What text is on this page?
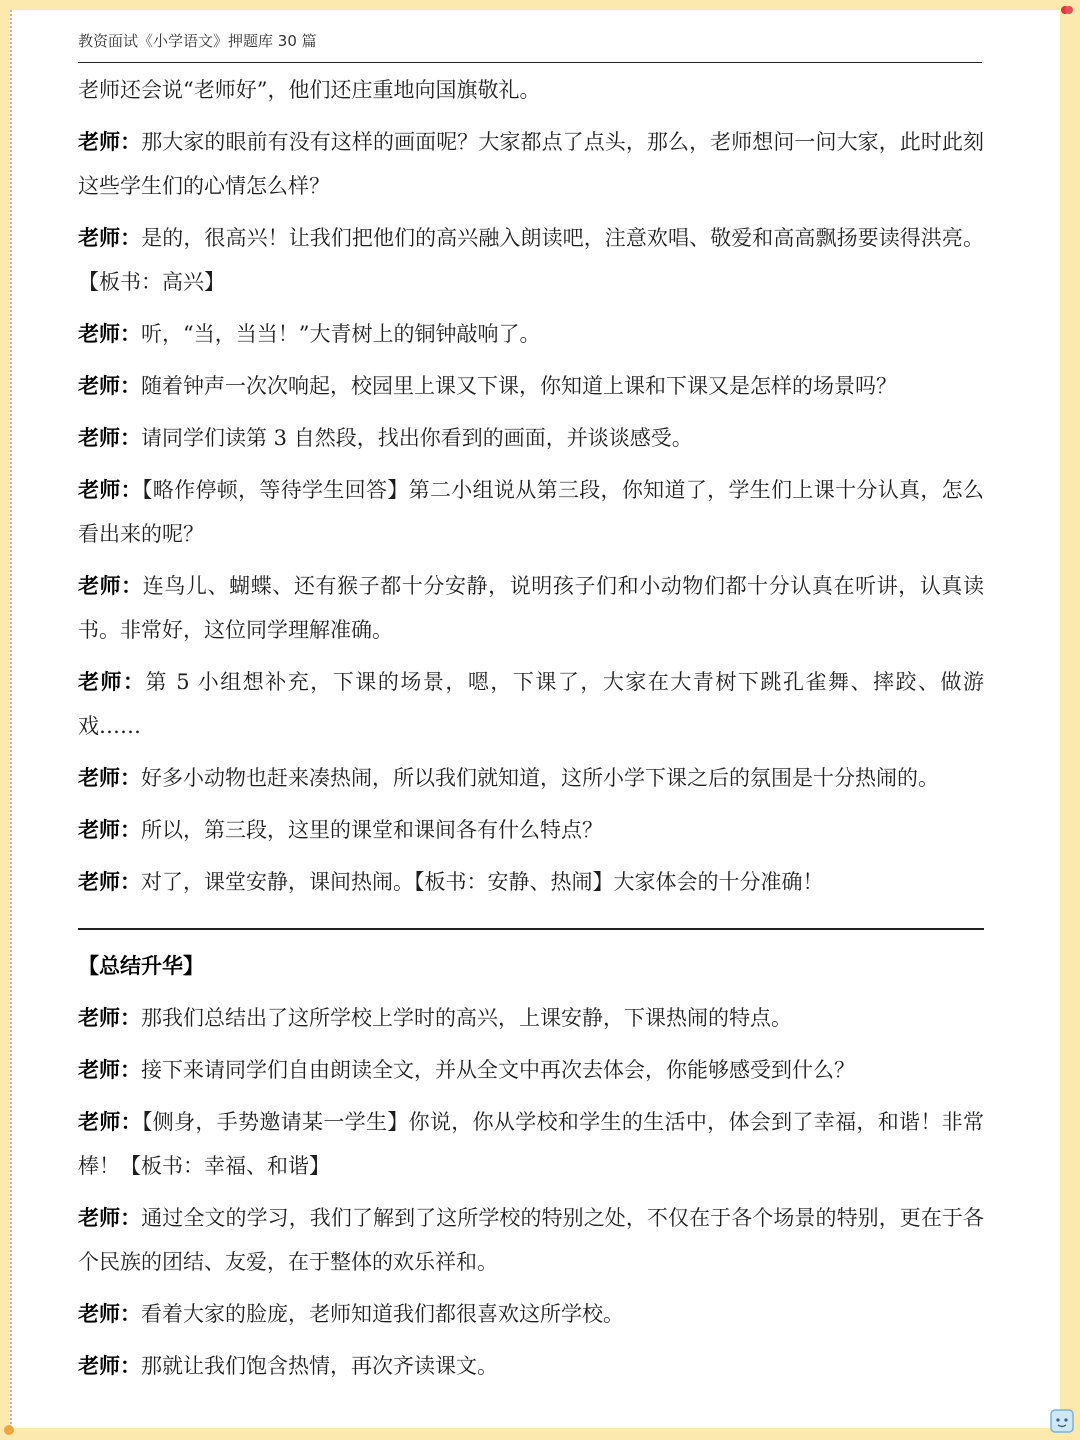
教资面试《小学语文》押题库 30 篇

老师还会说“老师好”，他们还庄重地向国旗敬礼。

老师：那大家的眼前有没有这样的画面呢？大家都点了点头，那么，老师想问一问大家，此时此刻这些学生们的心情怎么样？

老师：是的，很高兴！让我们把他们的高兴融入朗读吧，注意欢唱、敬爱和高高飘扬要读得洪亮。【板书：高兴】

老师：听，“当，当当！”大青树上的铜钟敲响了。

老师：随着钟声一次次响起，校园里上课又下课，你知道上课和下课又是怎样的场景吗？

老师：请同学们读第 3 自然段，找出你看到的画面，并谈谈感受。

老师：【略作停顿，等待学生回答】第二小组说从第三段，你知道了，学生们上课十分认真，怎么看出来的呢？

老师：连鸟儿、蝴蝶、还有猴子都十分安静，说明孩子们和小动物们都十分认真在听讲，认真读书。非常好，这位同学理解准确。

老师：第 5 小组想补充，下课的场景，嗯，下课了，大家在大青树下跳孔雀舞、摔跤、做游戏……

老师：好多小动物也赶来凑热闹，所以我们就知道，这所小学下课之后的氛围是十分热闹的。

老师：所以，第三段，这里的课堂和课间各有什么特点？

老师：对了，课堂安静，课间热闹。【板书：安静、热闹】大家体会的十分准确！

【总结升华】

老师：那我们总结出了这所学校上学时的高兴，上课安静，下课热闹的特点。

老师：接下来请同学们自由朗读全文，并从全文中再次去体会，你能够感受到什么？

老师：【侧身，手势邀请某一学生】你说，你从学校和学生的生活中，体会到了幸福，和谐！非常棒！【板书：幸福、和谐】

老师：通过全文的学习，我们了解到了这所学校的特别之处，不仅在于各个场景的特别，更在于各个民族的团结、友爱，在于整体的欢乐祥和。

老师：看着大家的脸庞，老师知道我们都很喜欢这所学校。

老师：那就让我们饱含热情，再次齐读课文。
